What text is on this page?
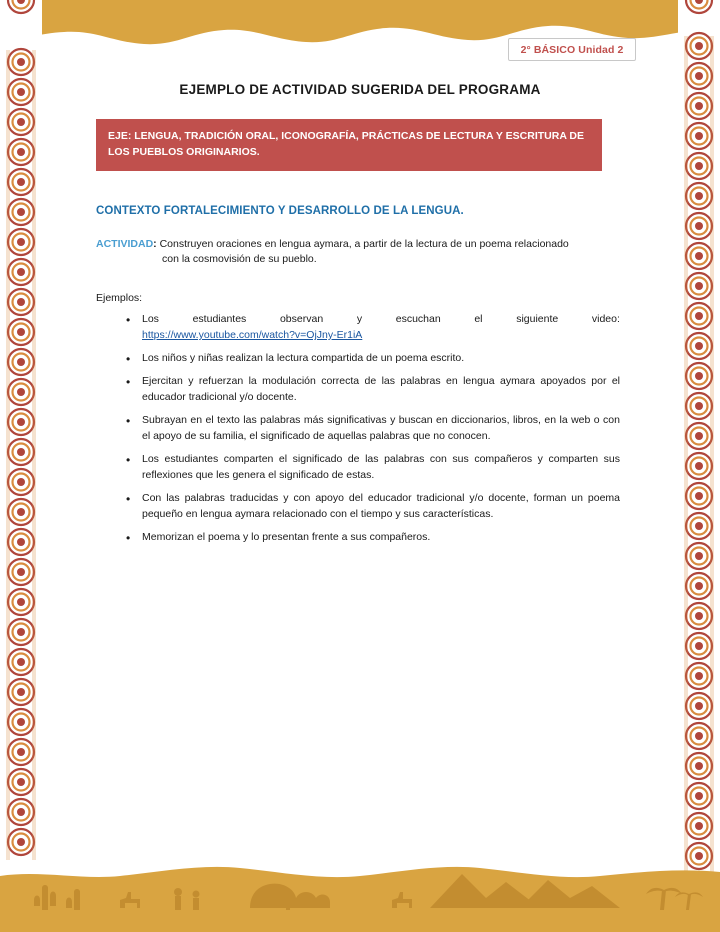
2° BÁSICO Unidad 2
EJEMPLO DE ACTIVIDAD SUGERIDA DEL PROGRAMA
EJE: LENGUA, TRADICIÓN ORAL, ICONOGRAFÍA, PRÁCTICAS DE LECTURA Y ESCRITURA DE LOS PUEBLOS ORIGINARIOS.
CONTEXTO FORTALECIMIENTO Y DESARROLLO DE LA LENGUA.

ACTIVIDAD: Construyen oraciones en lengua aymara, a partir de la lectura de un poema relacionado
con la cosmovisión de su pueblo.

Ejemplos:

• Los	estudiantes	observan	y	escuchan	el	siguiente	video:
https://www.youtube.com/watch?v=OjJny-Er1iA
• Los niños y niñas realizan la lectura compartida de un poema escrito.
• Ejercitan y refuerzan la modulación correcta de las palabras en lengua aymara apoyados por el educador tradicional y/o docente.
• Subrayan en el texto las palabras más significativas y buscan en diccionarios, libros, en la web o con el apoyo de su familia, el significado de aquellas palabras que no conocen.
• Los estudiantes comparten el significado de las palabras con sus compañeros y comparten sus reflexiones que les genera el significado de estas.
• Con las palabras traducidas y con apoyo del educador tradicional y/o docente, forman un poema pequeño en lengua aymara relacionado con el tiempo y sus características.
• Memorizan el poema y lo presentan frente a sus compañeros.
